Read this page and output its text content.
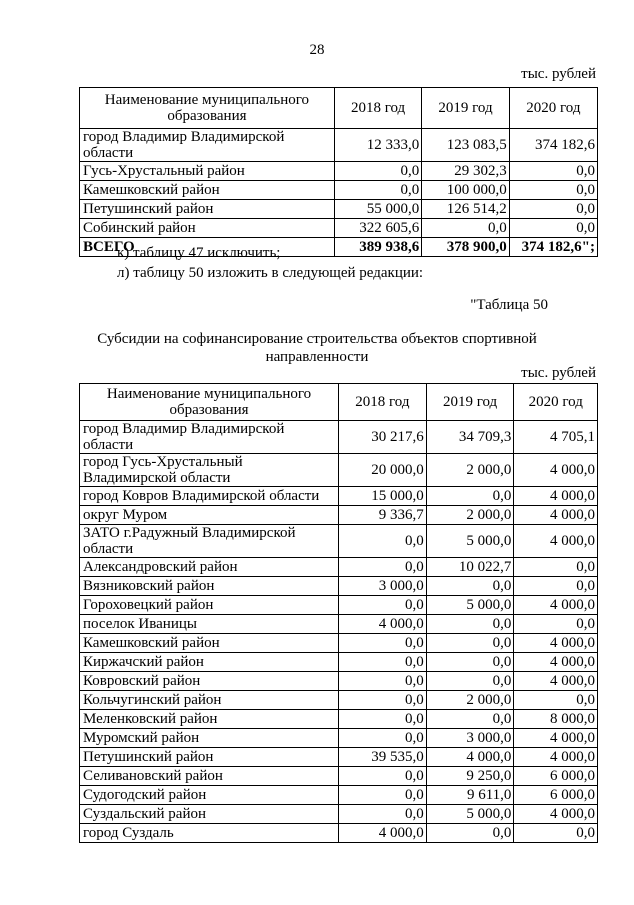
28
тыс. рублей
Наименование муниципального образования	2018 год	2019 год	2020 год
город Владимир Владимирской области	12 333,0	123 083,5	374 182,6
Гусь-Хрустальный район	0,0	29 302,3	0,0
Камешковский район	0,0	100 000,0	0,0
Петушинский район	55 000,0	126 514,2	0,0
Собинский район	322 605,6	0,0	0,0
ВСЕГО	389 938,6	378 900,0	374 182,6";
к) таблицу 47 исключить;
л) таблицу 50 изложить в следующей редакции:
"Таблица 50
Субсидии на софинансирование строительства объектов спортивной направленности
тыс. рублей
Наименование муниципального образования	2018 год	2019 год	2020 год
город Владимир Владимирской области	30 217,6	34 709,3	4 705,1
город Гусь-Хрустальный Владимирской области	20 000,0	2 000,0	4 000,0
город Ковров Владимирской области	15 000,0	0,0	4 000,0
округ Муром	9 336,7	2 000,0	4 000,0
ЗАТО г.Радужный Владимирской области	0,0	5 000,0	4 000,0
Александровский район	0,0	10 022,7	0,0
Вязниковский район	3 000,0	0,0	0,0
Гороховецкий район	0,0	5 000,0	4 000,0
поселок Иваницы	4 000,0	0,0	0,0
Камешковский район	0,0	0,0	4 000,0
Киржачский район	0,0	0,0	4 000,0
Ковровский район	0,0	0,0	4 000,0
Кольчугинский район	0,0	2 000,0	0,0
Меленковский район	0,0	0,0	8 000,0
Муромский район	0,0	3 000,0	4 000,0
Петушинский район	39 535,0	4 000,0	4 000,0
Селивановский район	0,0	9 250,0	6 000,0
Судогодский район	0,0	9 611,0	6 000,0
Суздальский район	0,0	5 000,0	4 000,0
город Суздаль	4 000,0	0,0	0,0
